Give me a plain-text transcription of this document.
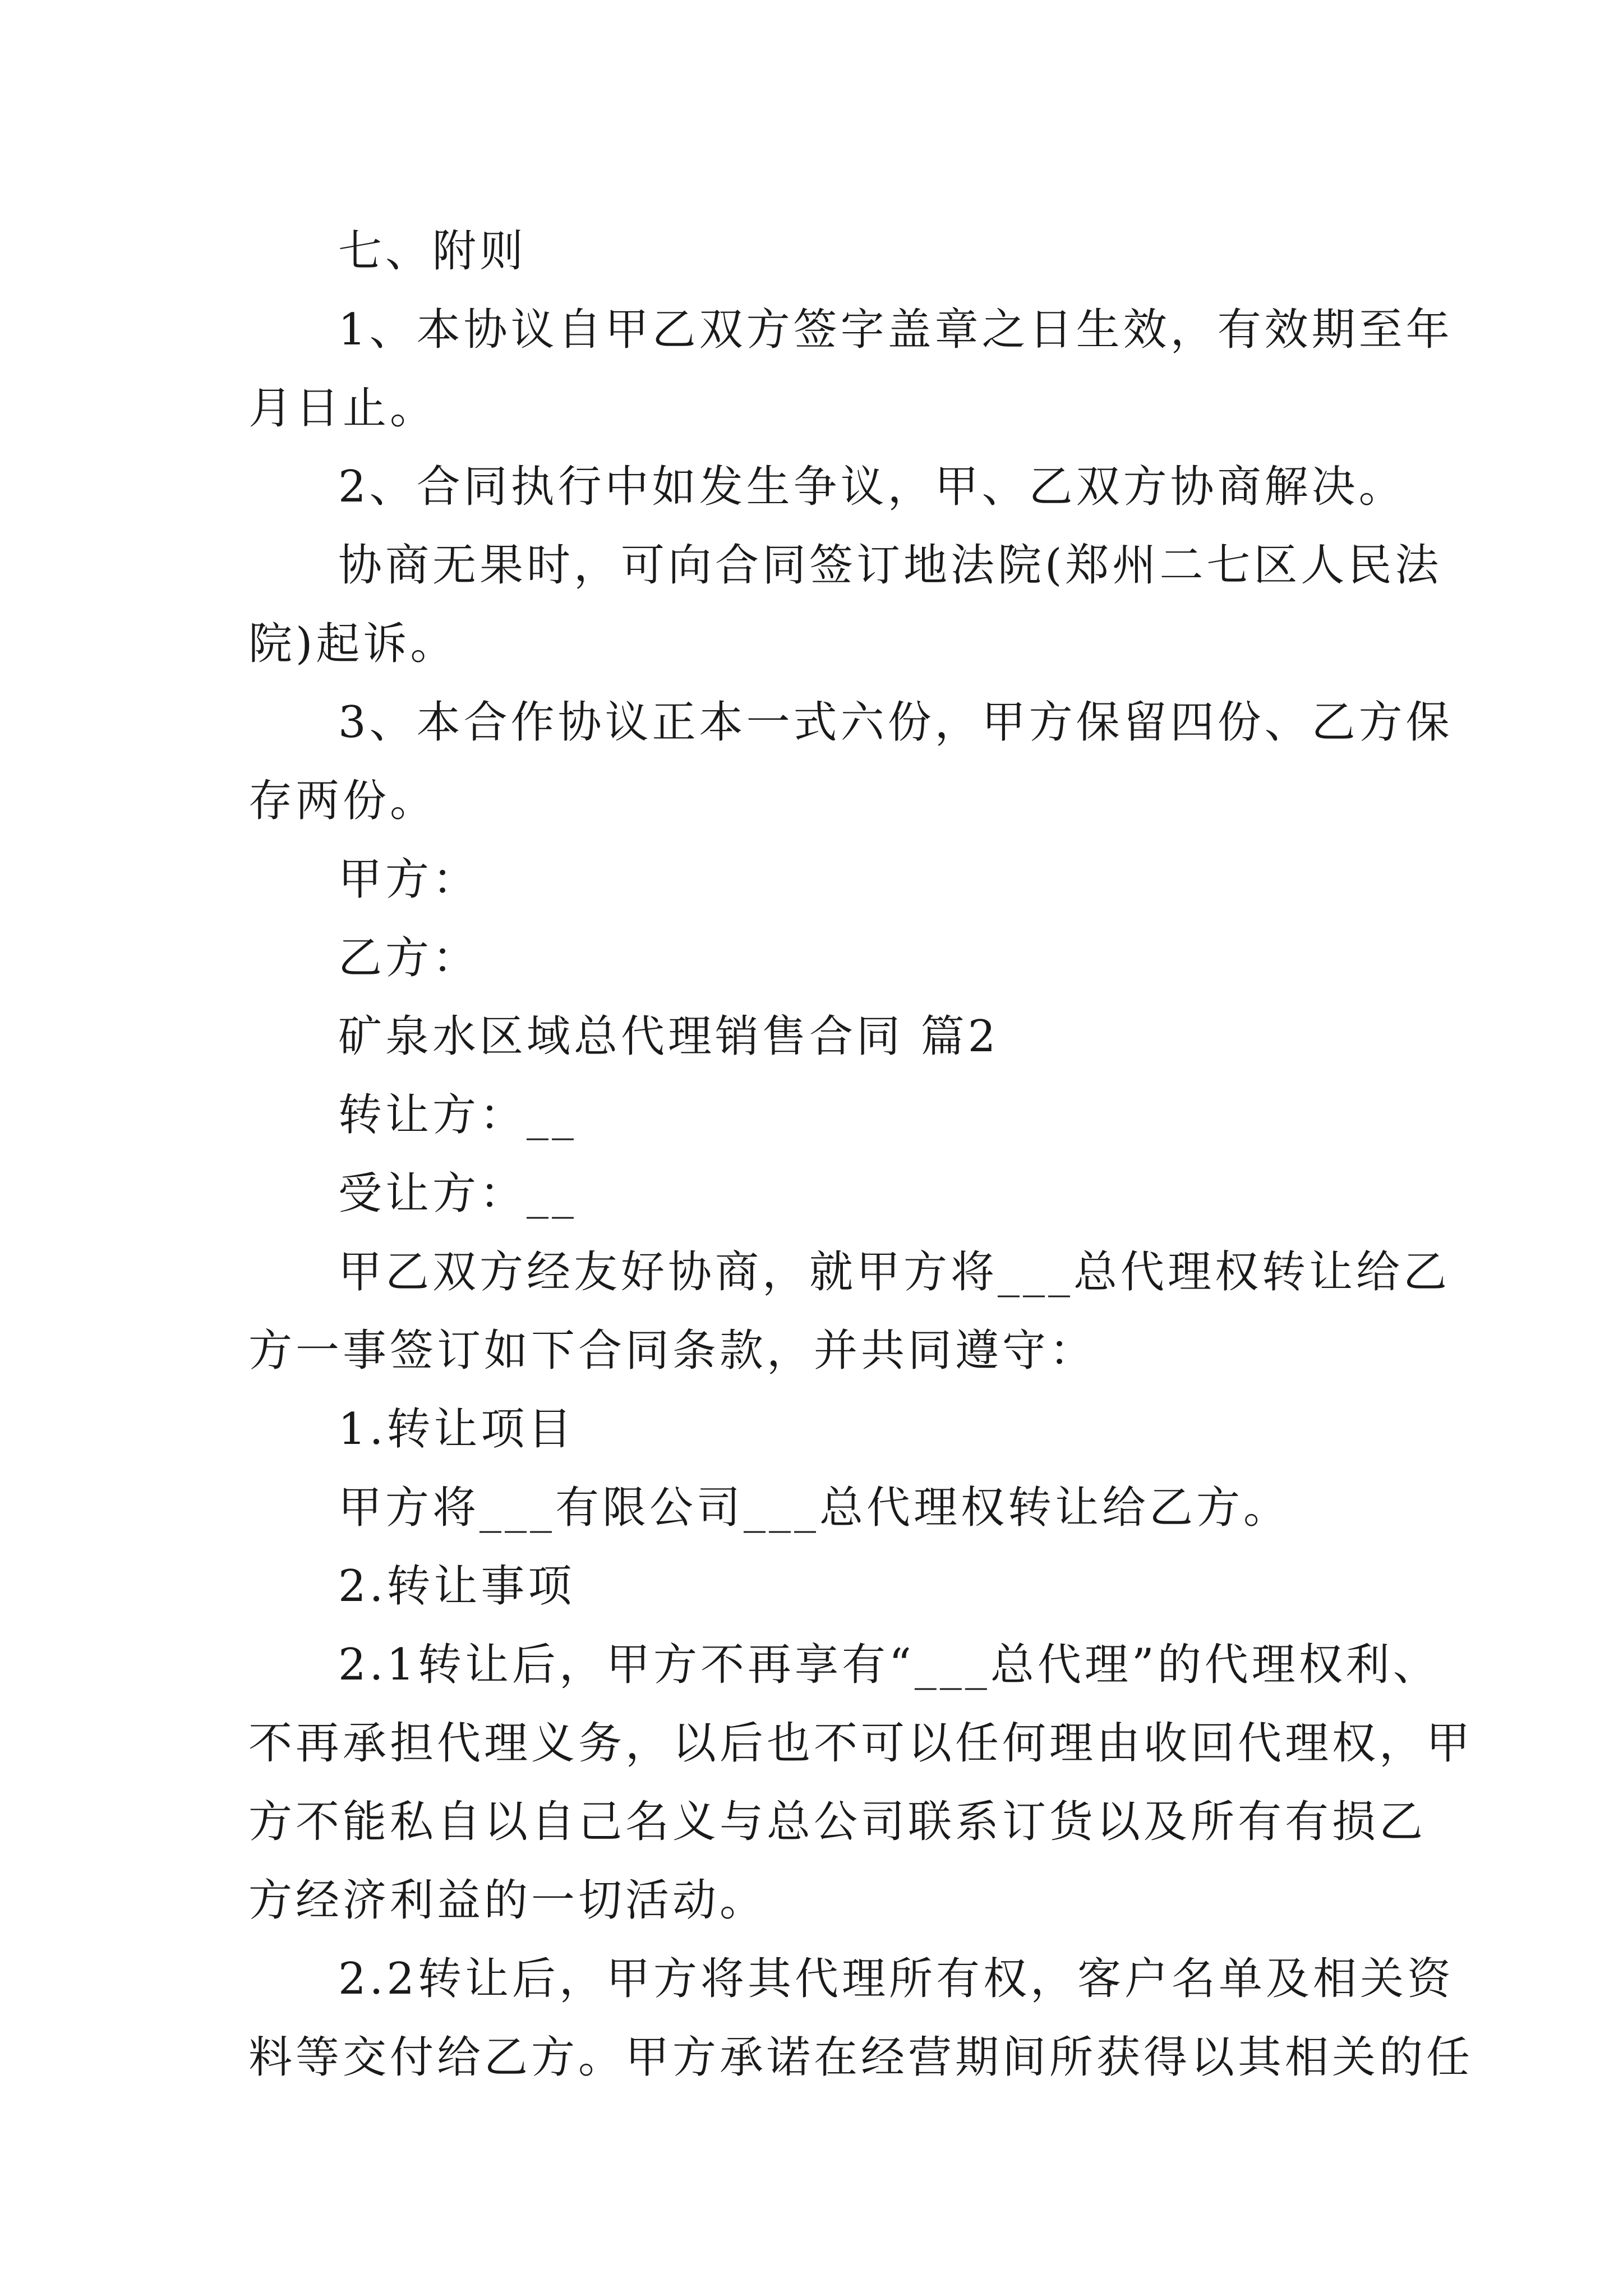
七、附则
1、本协议自甲乙双方签字盖章之日生效，有效期至年
月日止。
2、合同执行中如发生争议，甲、乙双方协商解决。
协商无果时，可向合同签订地法院(郑州二七区人民法
院)起诉。
3、本合作协议正本一式六份，甲方保留四份、乙方保
存两份。
甲方：
乙方：
矿泉水区域总代理销售合同 篇2
转让方：__
受让方：__
甲乙双方经友好协商，就甲方将___总代理权转让给乙
方一事签订如下合同条款，并共同遵守：
1.转让项目
甲方将___有限公司___总代理权转让给乙方。
2.转让事项
2.1转让后，甲方不再享有“___总代理”的代理权利、
不再承担代理义务，以后也不可以任何理由收回代理权，甲
方不能私自以自己名义与总公司联系订货以及所有有损乙
方经济利益的一切活动。
2.2转让后，甲方将其代理所有权，客户名单及相关资
料等交付给乙方。甲方承诺在经营期间所获得以其相关的任
